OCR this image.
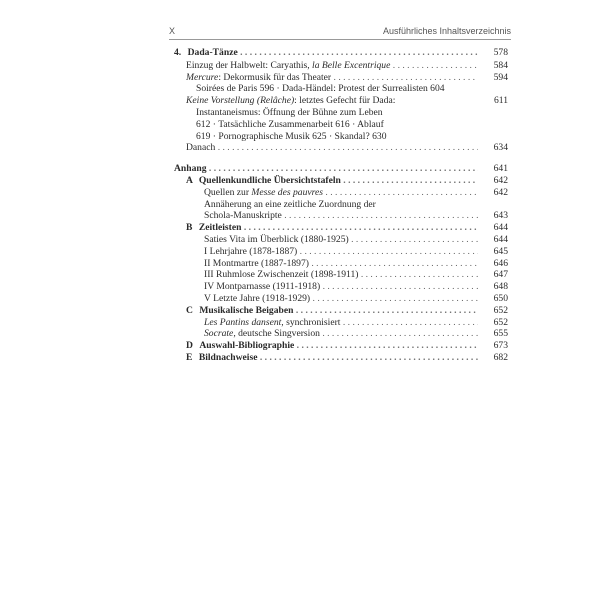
X	Ausführliches Inhaltsverzeichnis
4. Dada-Tänze . . .	578
Einzug der Halbwelt: Caryathis, la Belle Excentrique . . .	584
Mercure: Dekormusik für das Theater . . .	594
Soirées de Paris 596 · Dada-Händel: Protest der Surrealisten 604
Keine Vorstellung (Relâche): letztes Gefecht für Dada:	611
Instantaneismus: Öffnung der Bühne zum Leben
612 · Tatsächliche Zusammenarbeit 616 · Ablauf
619 · Pornographische Musik 625 · Skandal? 630
Danach . . .	634
Anhang . . .	641
A Quellenkundliche Übersichtstafeln . . .	642
Quellen zur Messe des pauvres . . .	642
Annäherung an eine zeitliche Zuordnung der
Schola-Manuskripte . . .	643
B Zeitleisten . . .	644
Saties Vita im Überblick (1880-1925) . . .	644
I Lehrjahre (1878-1887) . . .	645
II Montmartre (1887-1897) . . .	646
III Ruhmlose Zwischenzeit (1898-1911) . . .	647
IV Montparnasse (1911-1918) . . .	648
V Letzte Jahre (1918-1929) . . .	650
C Musikalische Beigaben . . .	652
Les Pantins dansent, synchronisiert . . .	652
Socrate, deutsche Singversion . . .	655
D Auswahl-Bibliographie . . .	673
E Bildnachweise . . .	682
